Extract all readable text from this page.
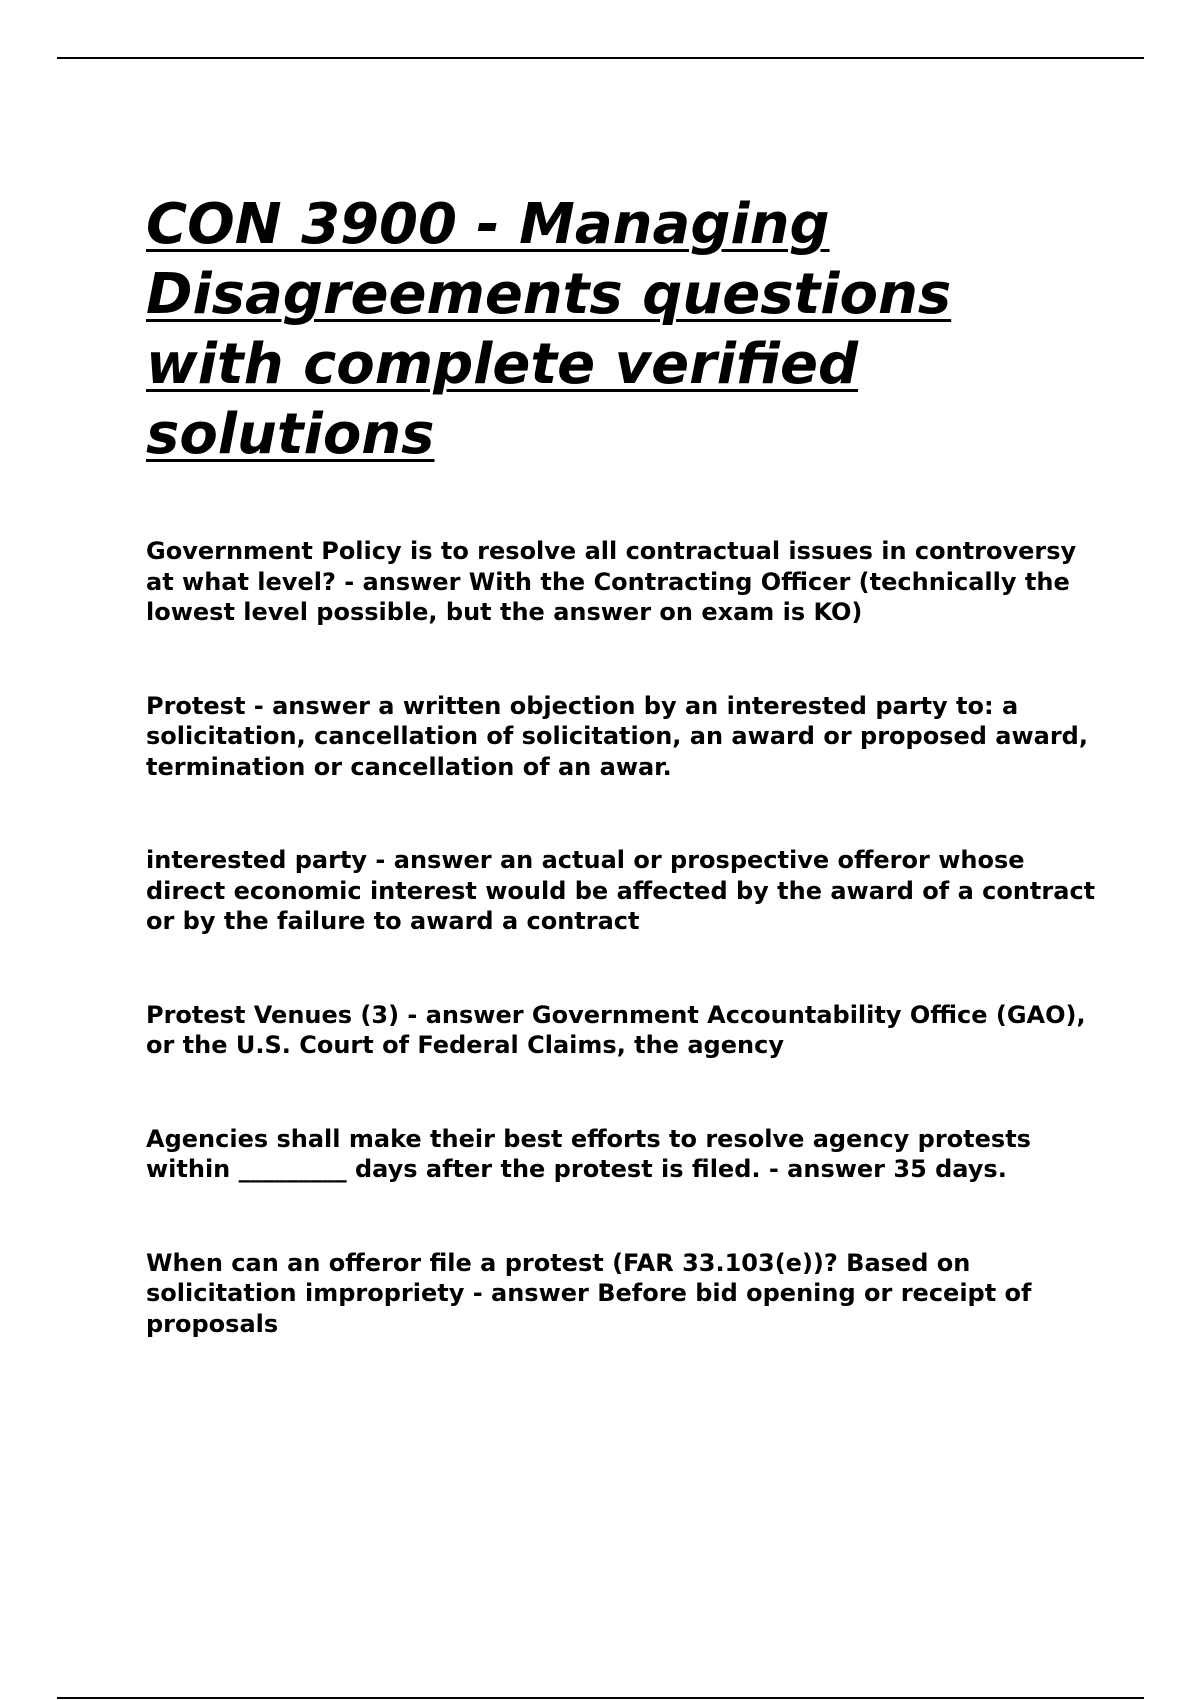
CON 3900 - Managing Disagreements questions with complete verified solutions

Government Policy is to resolve all contractual issues in controversy at what level? - answer With the Contracting Officer (technically the lowest level possible, but the answer on exam is KO)

Protest - answer a written objection by an interested party to: a solicitation, cancellation of solicitation, an award or proposed award, termination or cancellation of an awar.

interested party - answer an actual or prospective offeror whose direct economic interest would be affected by the award of a contract or by the failure to award a contract

Protest Venues (3) - answer Government Accountability Office (GAO), or the U.S. Court of Federal Claims, the agency

Agencies shall make their best efforts to resolve agency protests within _________ days after the protest is filed. - answer 35 days.

When can an offeror file a protest (FAR 33.103(e))? Based on solicitation impropriety - answer Before bid opening or receipt of proposals
